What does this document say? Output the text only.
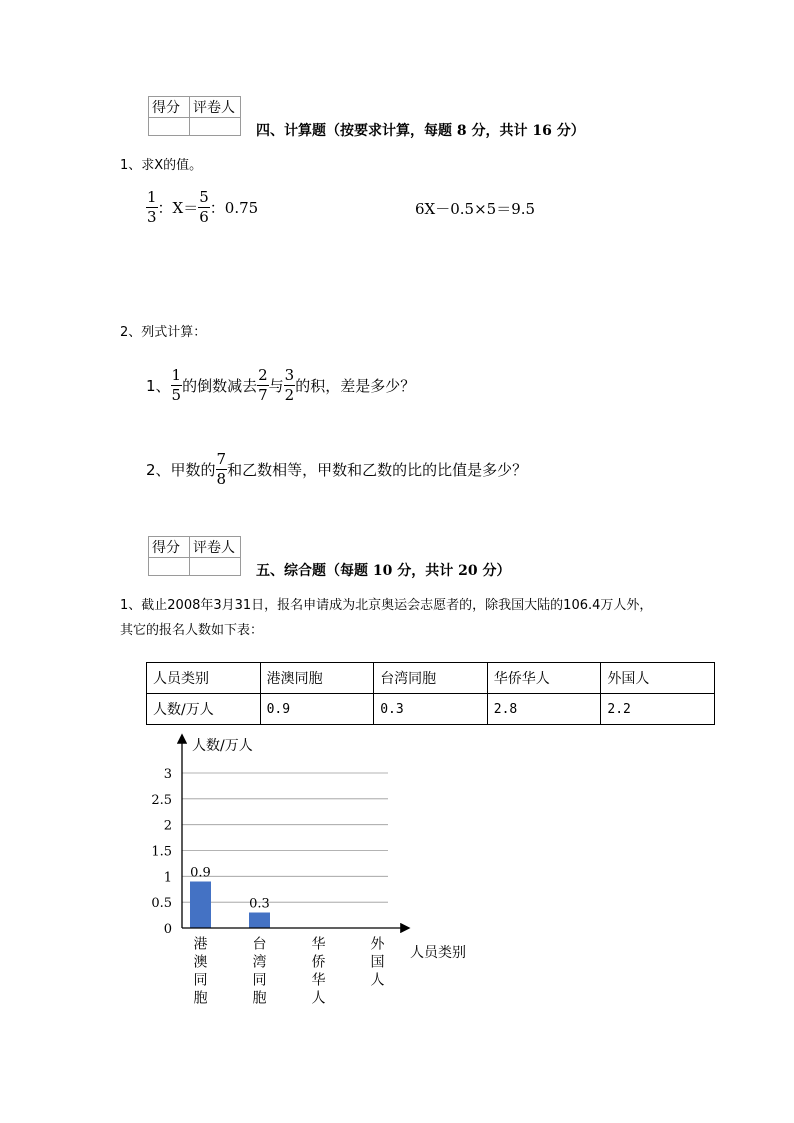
得分	评卷人

四、计算题（按要求计算，每题 8 分，共计 16 分）
1、求X的值。
$\frac{1}{3}$ ：$X= \frac{5}{6}$ ：0.75	6X－0.5×5＝9.5
2、列式计算：
1、 $\frac{1}{5}$ 的倒数减去 $\frac{2}{7}$ 与 $\frac{3}{2}$ 的积，差是多少？
2、甲数的 $\frac{7}{8}$ 和乙数相等，甲数和乙数的比的比值是多少？
得分	评卷人

五、综合题（每题 10 分，共计 20 分）
1、截止2008年3月31日，报名申请成为北京奥运会志愿者的，除我国大陆的106.4万人外，
其它的报名人数如下表：
人员类别	港澳同胞	台湾同胞	华侨华人	外国人
人数/万人	0.9	0.3	2.8	2.2
0
0.5
1
1.5
2
2.5
3
0.9
0.3
人数/万人
港澳同胞	台湾同胞	华侨华人	外国人 人员类别
